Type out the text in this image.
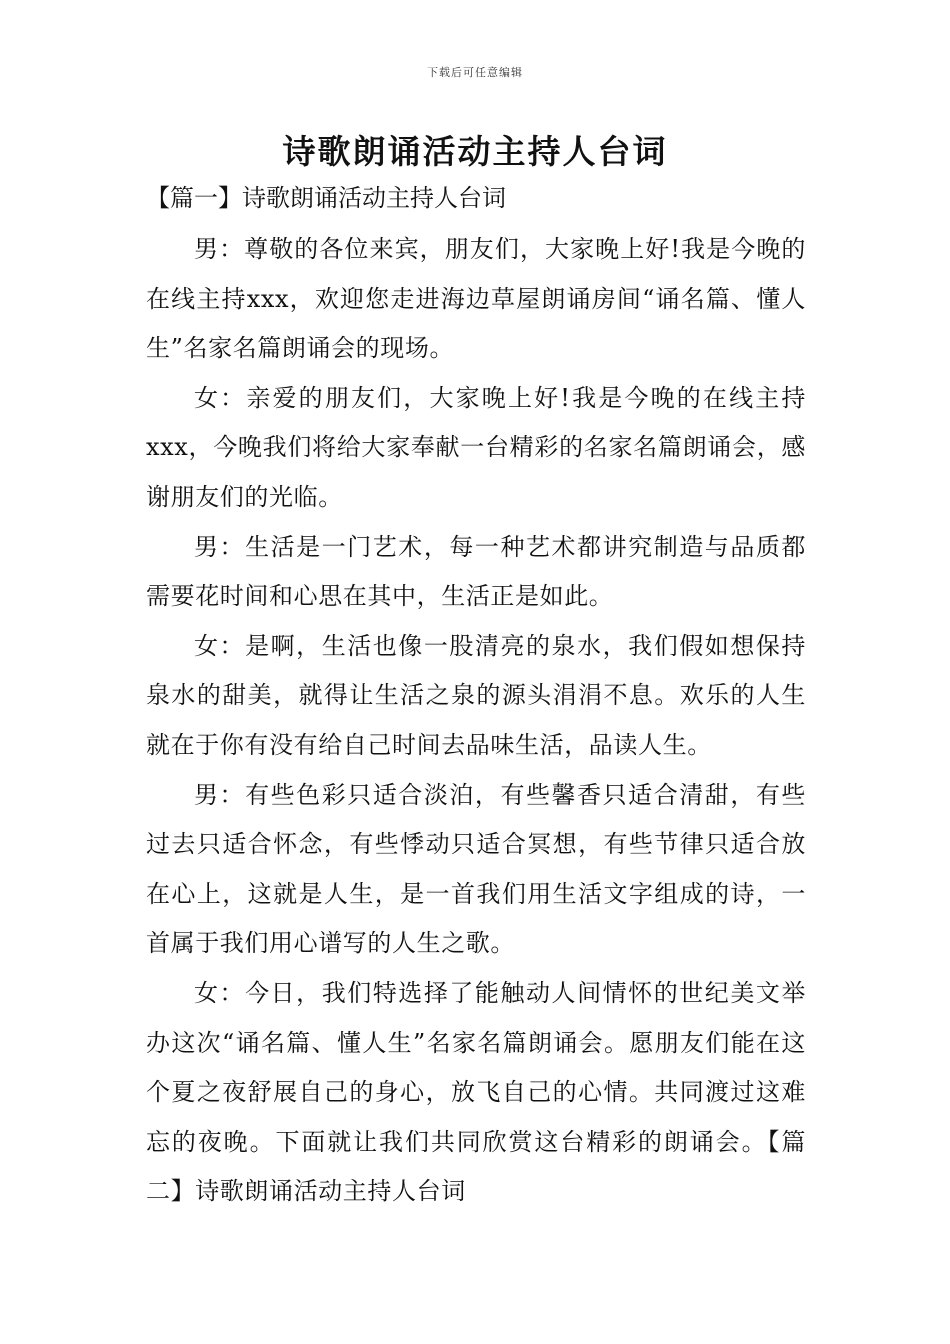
下载后可任意编辑
诗歌朗诵活动主持人台词
【篇一】诗歌朗诵活动主持人台词

男：尊敬的各位来宾，朋友们，大家晚上好!我是今晚的在线主持xxx，欢迎您走进海边草屋朗诵房间“诵名篇、懂人生”名家名篇朗诵会的现场。

女：亲爱的朋友们，大家晚上好!我是今晚的在线主持xxx，今晚我们将给大家奉献一台精彩的名家名篇朗诵会，感谢朋友们的光临。

男：生活是一门艺术，每一种艺术都讲究制造与品质都需要花时间和心思在其中，生活正是如此。

女：是啊，生活也像一股清亮的泉水，我们假如想保持泉水的甜美，就得让生活之泉的源头涓涓不息。欢乐的人生就在于你有没有给自己时间去品味生活，品读人生。

男：有些色彩只适合淡泊，有些馨香只适合清甜，有些过去只适合怀念，有些悸动只适合冥想，有些节律只适合放在心上，这就是人生，是一首我们用生活文字组成的诗，一首属于我们用心谱写的人生之歌。

女：今日，我们特选择了能触动人间情怀的世纪美文举办这次“诵名篇、懂人生”名家名篇朗诵会。愿朋友们能在这个夏之夜舒展自己的身心，放飞自己的心情。共同渡过这难忘的夜晚。下面就让我们共同欣赏这台精彩的朗诵会。【篇二】诗歌朗诵活动主持人台词
